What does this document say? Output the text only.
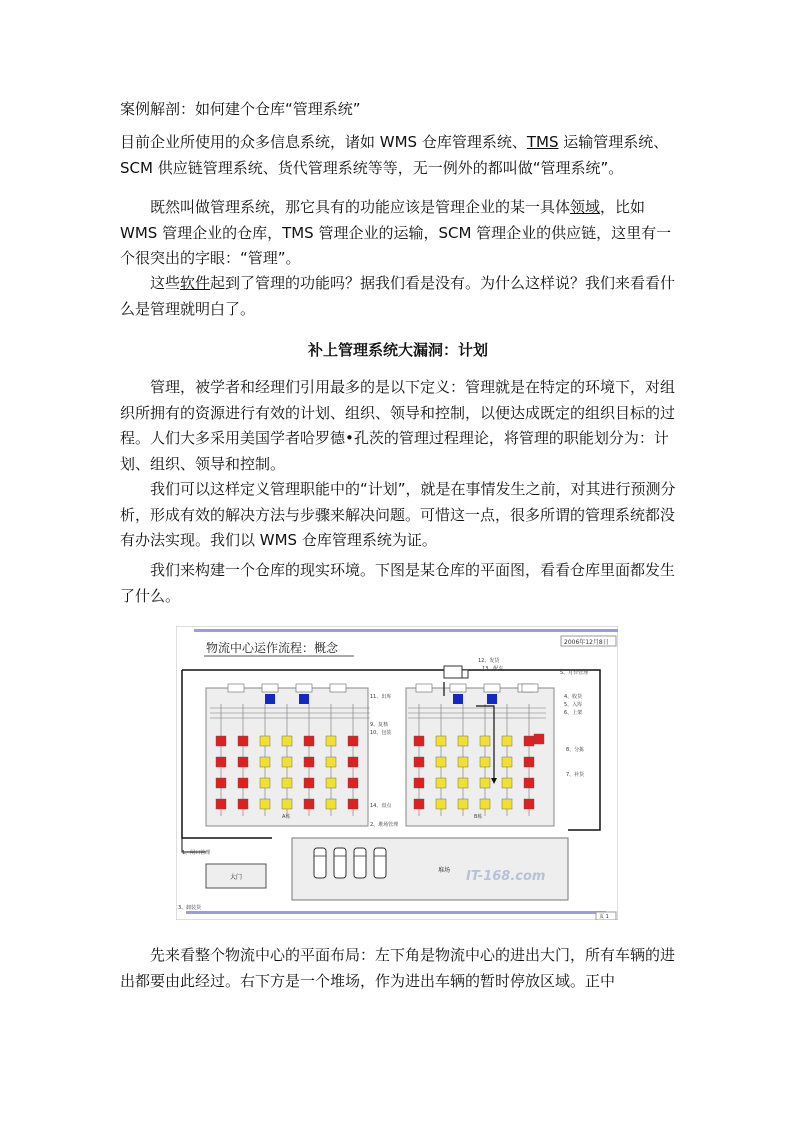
案例解剖：如何建个仓库“管理系统”

目前企业所使用的众多信息系统，诸如 WMS 仓库管理系统、TMS 运输管理系统、SCM 供应链管理系统、货代管理系统等等，无一例外的都叫做“管理系统”。

既然叫做管理系统，那它具有的功能应该是管理企业的某一具体领域，比如 WMS 管理企业的仓库，TMS 管理企业的运输，SCM 管理企业的供应链，这里有一个很突出的字眼：“管理”。

这些软件起到了管理的功能吗？据我们看是没有。为什么这样说？我们来看看什么是管理就明白了。

补上管理系统大漏洞：计划

管理，被学者和经理们引用最多的是以下定义：管理就是在特定的环境下，对组织所拥有的资源进行有效的计划、组织、领导和控制，以便达成既定的组织目标的过程。人们大多采用美国学者哈罗德•孔茨的管理过程理论，将管理的职能划分为：计划、组织、领导和控制。

我们可以这样定义管理职能中的“计划”，就是在事情发生之前，对其进行预测分析，形成有效的解决方法与步骤来解决问题。可惜这一点，很多所谓的管理系统都没有办法实现。我们以 WMS 仓库管理系统为证。

我们来构建一个仓库的现实环境。下图是某仓库的平面图，看看仓库里面都发生了什么。

物流中心运作流程：概念	2006年12月8日
A栋	B栋
大门
1、闸口管理
3、卸装货
堆场 IT-168.com
页 1
12、发货
13、配车
5、月台管理
4、收货
5、入库
6、上架
8、分拣
7、补货
11、出库
9、复核
10、包装
14、盘点
2、堆场管理

先来看整个物流中心的平面布局：左下角是物流中心的进出大门，所有车辆的进出都要由此经过。右下方是一个堆场，作为进出车辆的暂时停放区域。正中
